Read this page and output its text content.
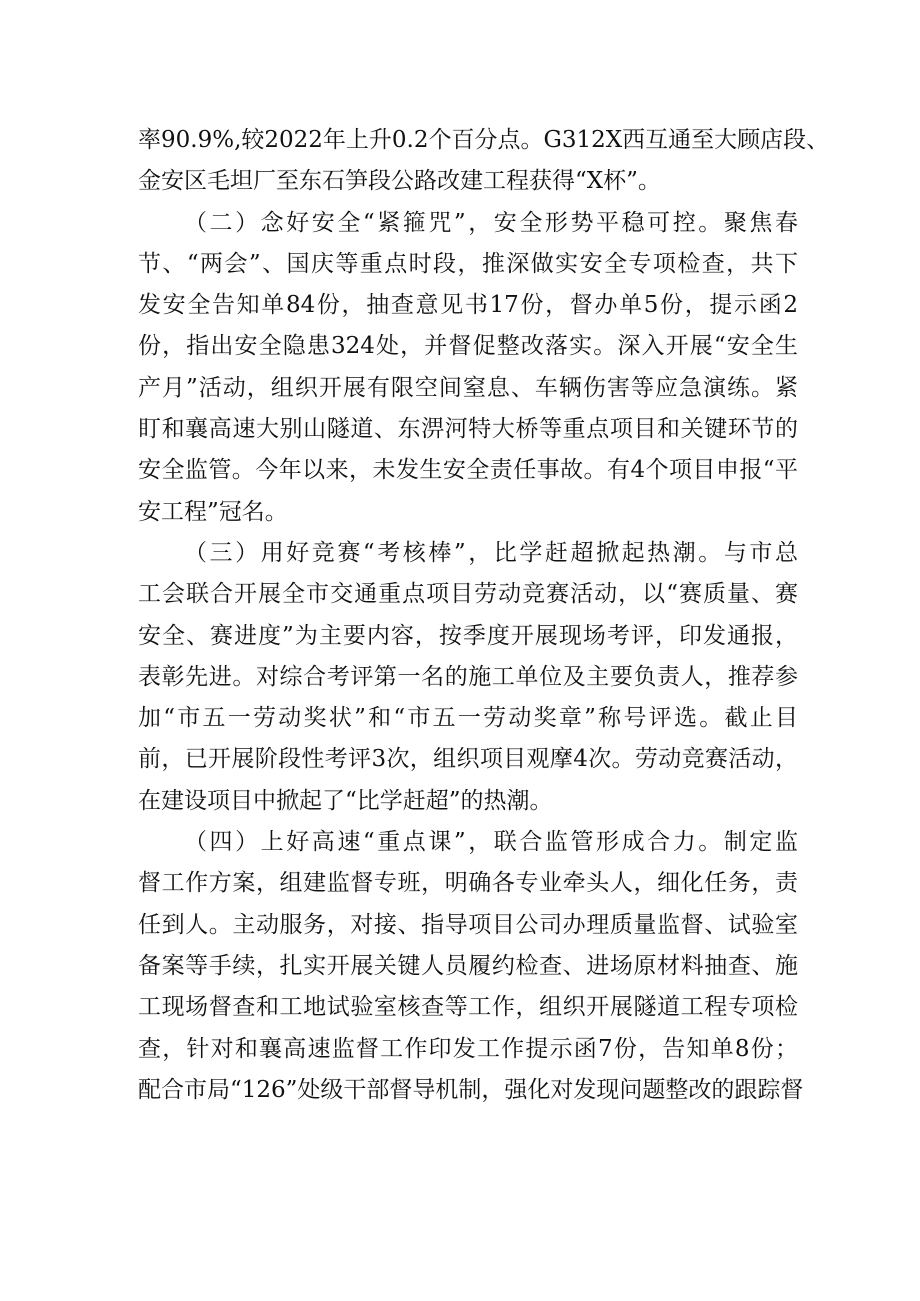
率90.9%,较2022年上升0.2个百分点。G312X西互通至大顾店段、
金安区毛坦厂至东石笋段公路改建工程获得“X杯”。
（二）念好安全“紧箍咒”，安全形势平稳可控。聚焦春
节、“两会”、国庆等重点时段，推深做实安全专项检查，共下
发安全告知单84份，抽查意见书17份，督办单5份，提示函2
份，指出安全隐患324处，并督促整改落实。深入开展“安全生
产月”活动，组织开展有限空间窒息、车辆伤害等应急演练。紧
盯和襄高速大别山隧道、东淠河特大桥等重点项目和关键环节的
安全监管。今年以来，未发生安全责任事故。有4个项目申报“平
安工程”冠名。
（三）用好竞赛“考核棒”，比学赶超掀起热潮。与市总
工会联合开展全市交通重点项目劳动竞赛活动，以“赛质量、赛
安全、赛进度”为主要内容，按季度开展现场考评，印发通报，
表彰先进。对综合考评第一名的施工单位及主要负责人，推荐参
加“市五一劳动奖状”和“市五一劳动奖章”称号评选。截止目
前，已开展阶段性考评3次，组织项目观摩4次。劳动竞赛活动，
在建设项目中掀起了“比学赶超”的热潮。
（四）上好高速“重点课”，联合监管形成合力。制定监
督工作方案，组建监督专班，明确各专业牵头人，细化任务，责
任到人。主动服务，对接、指导项目公司办理质量监督、试验室
备案等手续，扎实开展关键人员履约检查、进场原材料抽查、施
工现场督查和工地试验室核查等工作，组织开展隧道工程专项检
查，针对和襄高速监督工作印发工作提示函7份，告知单8份；
配合市局“126”处级干部督导机制，强化对发现问题整改的跟踪督
